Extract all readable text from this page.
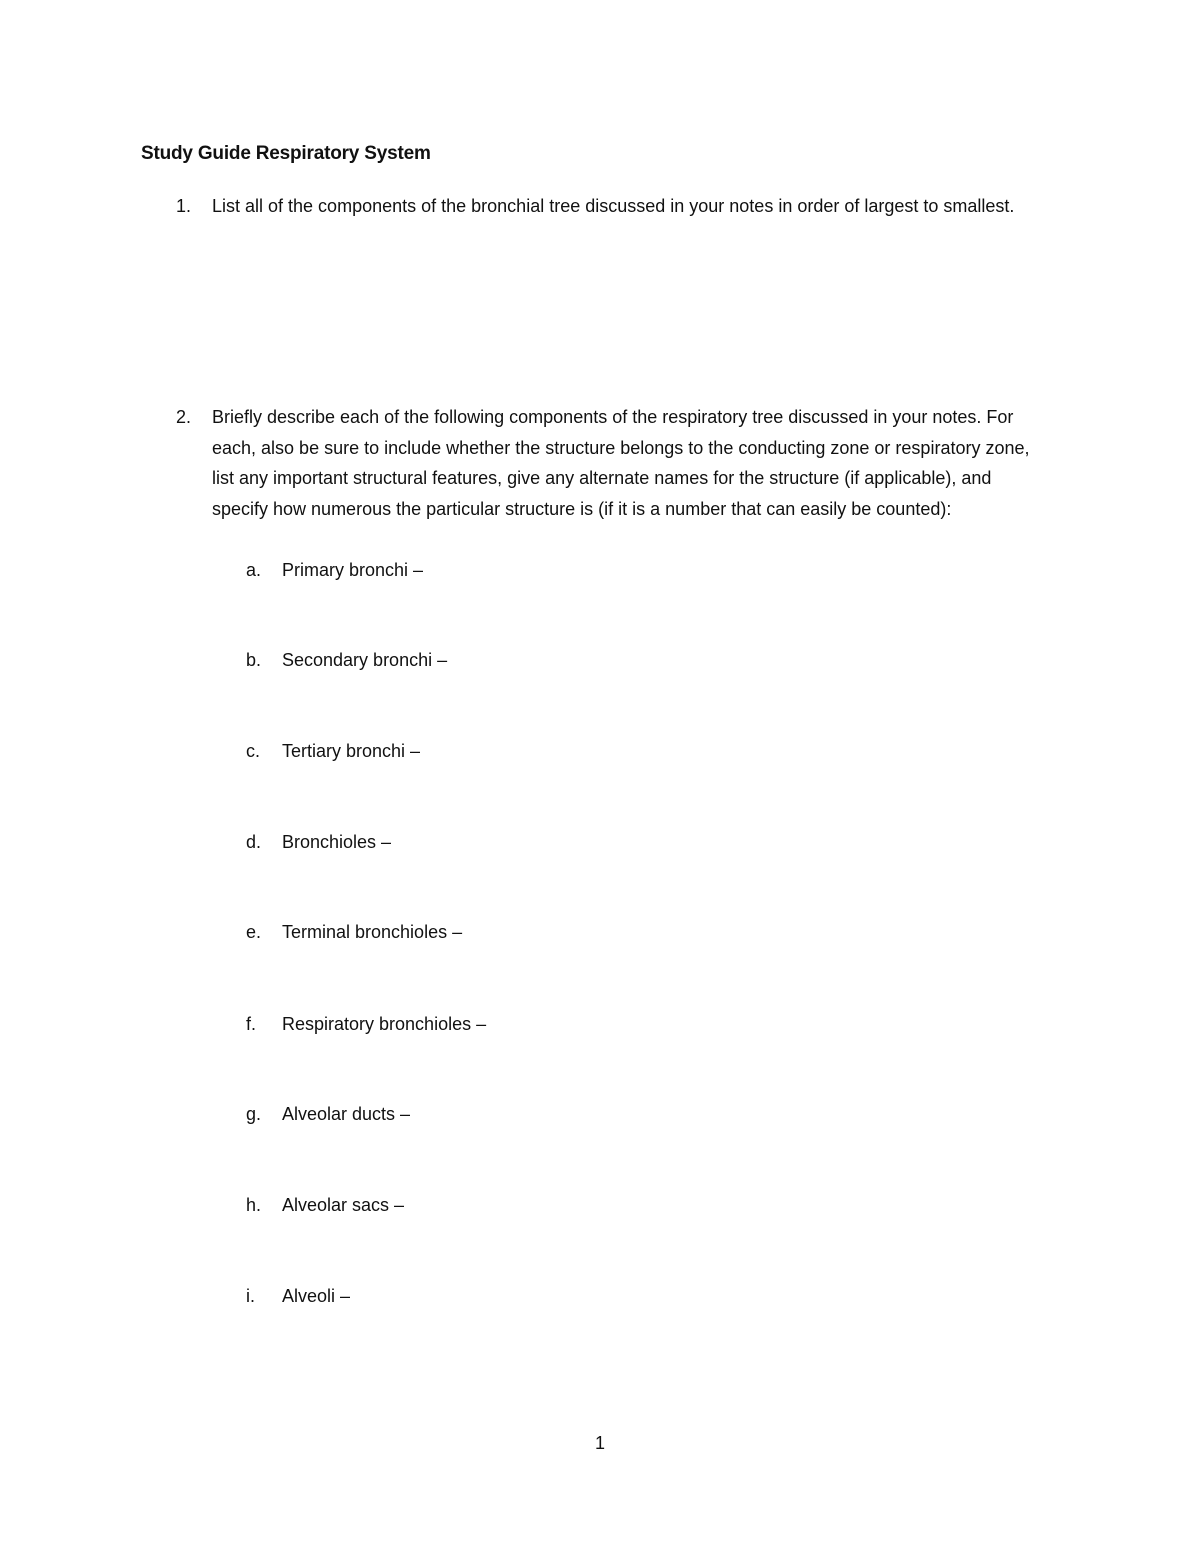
Study Guide Respiratory System
1. List all of the components of the bronchial tree discussed in your notes in order of largest to smallest.
2. Briefly describe each of the following components of the respiratory tree discussed in your notes. For each, also be sure to include whether the structure belongs to the conducting zone or respiratory zone, list any important structural features, give any alternate names for the structure (if applicable), and specify how numerous the particular structure is (if it is a number that can easily be counted):
a. Primary bronchi –
b. Secondary bronchi –
c. Tertiary bronchi –
d. Bronchioles –
e. Terminal bronchioles –
f. Respiratory bronchioles –
g. Alveolar ducts –
h. Alveolar sacs –
i. Alveoli –
1
